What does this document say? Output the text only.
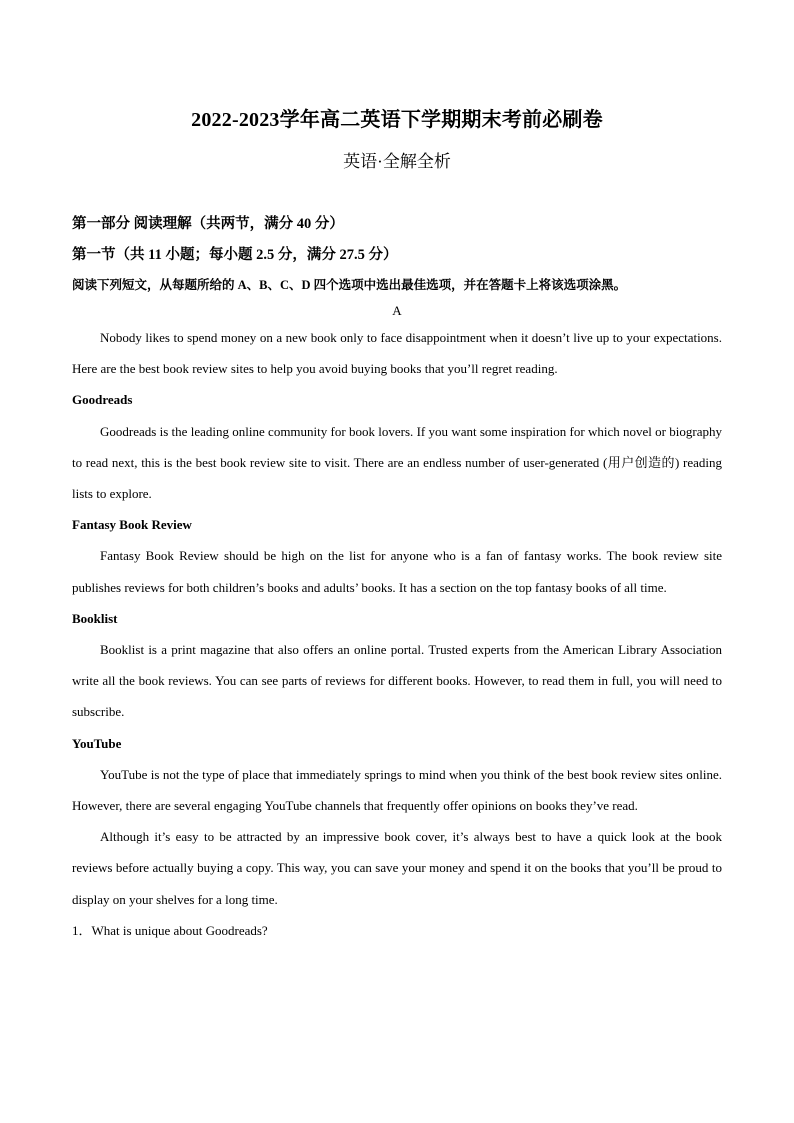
2022-2023学年高二英语下学期期末考前必刷卷
英语·全解全析
第一部分 阅读理解（共两节，满分 40 分）
第一节（共 11 小题；每小题 2.5 分，满分 27.5 分）
阅读下列短文，从每题所给的 A、B、C、D 四个选项中选出最佳选项，并在答题卡上将该选项涂黑。
A

Nobody likes to spend money on a new book only to face disappointment when it doesn’t live up to your expectations. Here are the best book review sites to help you avoid buying books that you’ll regret reading.

Goodreads

Goodreads is the leading online community for book lovers. If you want some inspiration for which novel or biography to read next, this is the best book review site to visit. There are an endless number of user-generated (用户创造的) reading lists to explore.

Fantasy Book Review

Fantasy Book Review should be high on the list for anyone who is a fan of fantasy works. The book review site publishes reviews for both children’s books and adults’ books. It has a section on the top fantasy books of all time.

Booklist

Booklist is a print magazine that also offers an online portal. Trusted experts from the American Library Association write all the book reviews. You can see parts of reviews for different books. However, to read them in full, you will need to subscribe.

YouTube

YouTube is not the type of place that immediately springs to mind when you think of the best book review sites online. However, there are several engaging YouTube channels that frequently offer opinions on books they’ve read.

Although it’s easy to be attracted by an impressive book cover, it’s always best to have a quick look at the book reviews before actually buying a copy. This way, you can save your money and spend it on the books that you’ll be proud to display on your shelves for a long time.

1．What is unique about Goodreads?
